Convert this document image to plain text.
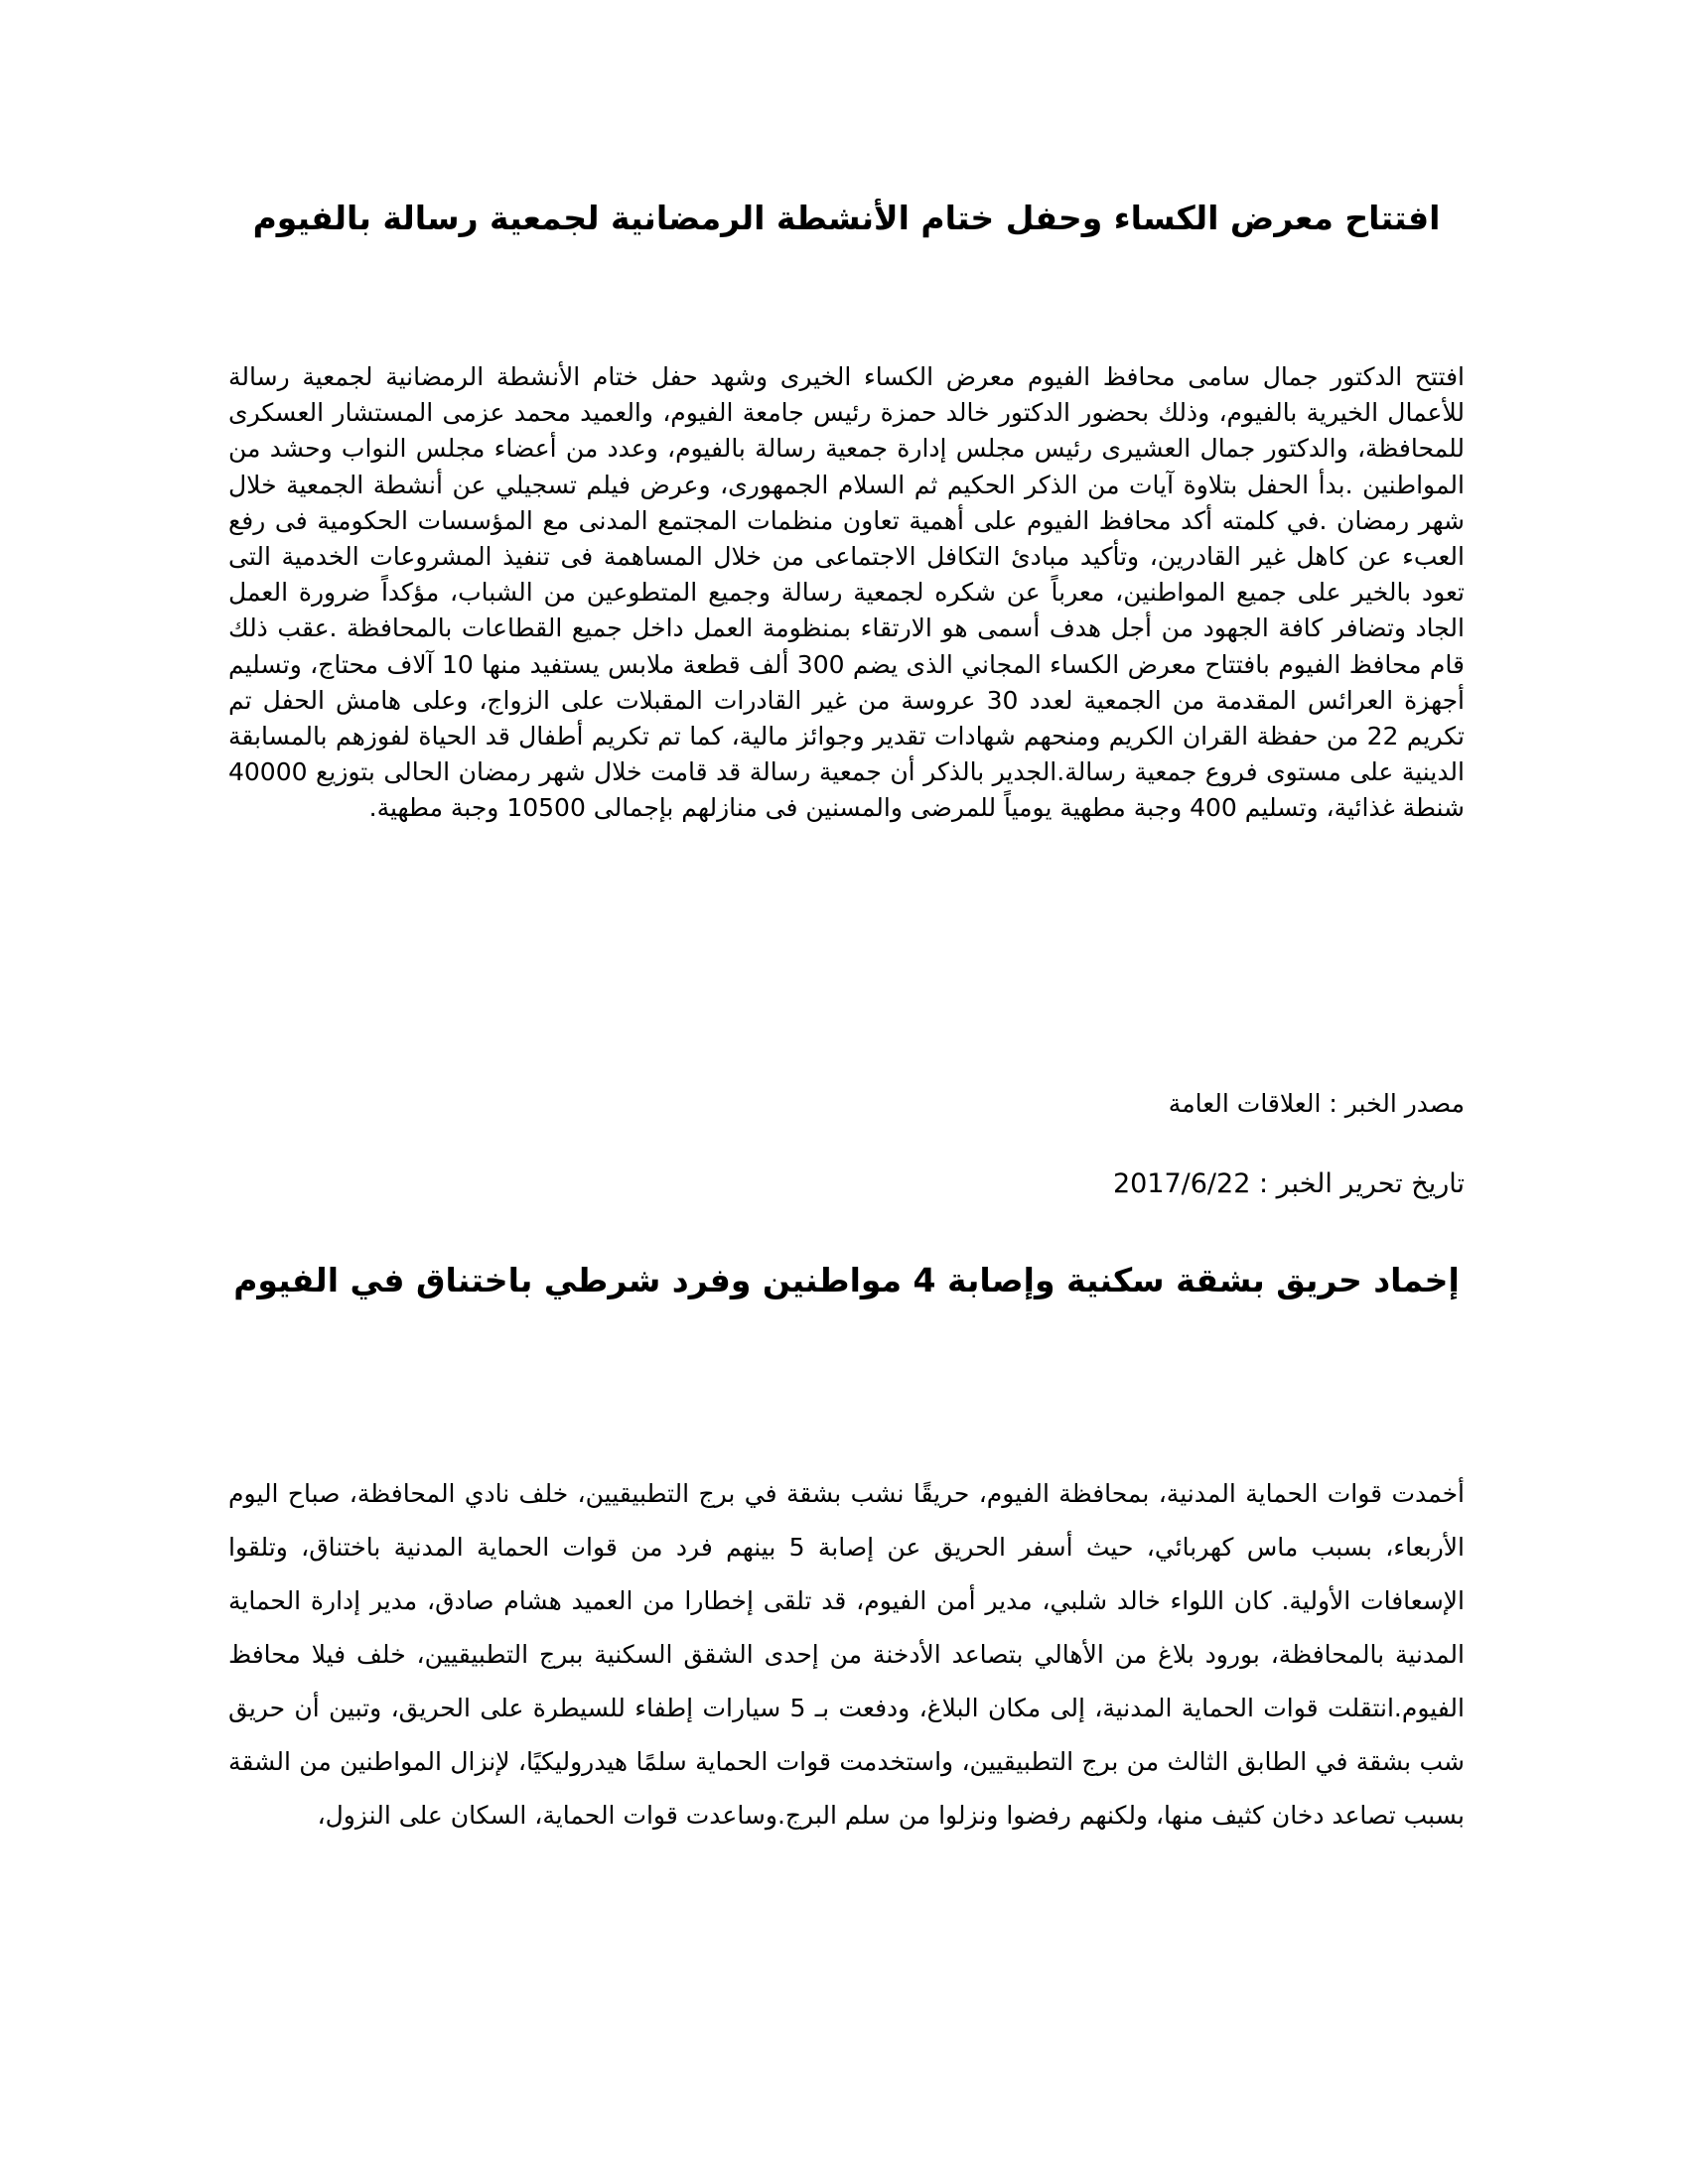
افتتاح معرض الكساء وحفل ختام الأنشطة الرمضانية لجمعية رسالة بالفيوم

افتتح الدكتور جمال سامى محافظ الفيوم معرض الكساء الخيرى وشهد حفل ختام الأنشطة الرمضانية لجمعية رسالة للأعمال الخيرية بالفيوم، وذلك بحضور الدكتور خالد حمزة رئيس جامعة الفيوم، والعميد محمد عزمى المستشار العسكرى للمحافظة، والدكتور جمال العشيرى رئيس مجلس إدارة جمعية رسالة بالفيوم، وعدد من أعضاء مجلس النواب وحشد من المواطنين .بدأ الحفل بتلاوة آيات من الذكر الحكيم ثم السلام الجمهورى، وعرض فيلم تسجيلي عن أنشطة الجمعية خلال شهر رمضان .في كلمته أكد محافظ الفيوم على أهمية تعاون منظمات المجتمع المدنى مع المؤسسات الحكومية فى رفع العبء عن كاهل غير القادرين، وتأكيد مبادئ التكافل الاجتماعى من خلال المساهمة فى تنفيذ المشروعات الخدمية التى تعود بالخير على جميع المواطنين، معرباً عن شكره لجمعية رسالة وجميع المتطوعين من الشباب، مؤكداً ضرورة العمل الجاد وتضافر كافة الجهود من أجل هدف أسمى هو الارتقاء بمنظومة العمل داخل جميع القطاعات بالمحافظة .عقب ذلك قام محافظ الفيوم بافتتاح معرض الكساء المجاني الذى يضم 300 ألف قطعة ملابس يستفيد منها 10 آلاف محتاج، وتسليم أجهزة العرائس المقدمة من الجمعية لعدد 30 عروسة من غير القادرات المقبلات على الزواج، وعلى هامش الحفل تم تكريم 22 من حفظة القران الكريم ومنحهم شهادات تقدير وجوائز مالية، كما تم تكريم أطفال قد الحياة لفوزهم بالمسابقة الدينية على مستوى فروع جمعية رسالة.الجدير بالذكر أن جمعية رسالة قد قامت خلال شهر رمضان الحالى بتوزيع 40000 شنطة غذائية، وتسليم 400 وجبة مطهية يومياً للمرضى والمسنين فى منازلهم بإجمالى 10500 وجبة مطهية.

مصدر الخبر : العلاقات العامة

تاريخ تحرير الخبر : 2017/6/22

إخماد حريق بشقة سكنية وإصابة 4 مواطنين وفرد شرطي باختناق في الفيوم

أخمدت قوات الحماية المدنية، بمحافظة الفيوم، حريقًا نشب بشقة في برج التطبيقيين، خلف نادي المحافظة، صباح اليوم الأربعاء، بسبب ماس كهربائي، حيث أسفر الحريق عن إصابة 5 بينهم فرد من قوات الحماية المدنية باختناق، وتلقوا الإسعافات الأولية. كان اللواء خالد شلبي، مدير أمن الفيوم، قد تلقى إخطارا من العميد هشام صادق، مدير إدارة الحماية المدنية بالمحافظة، بورود بلاغ من الأهالي بتصاعد الأدخنة من إحدى الشقق السكنية ببرج التطبيقيين، خلف فيلا محافظ الفيوم.انتقلت قوات الحماية المدنية، إلى مكان البلاغ، ودفعت بـ 5 سيارات إطفاء للسيطرة على الحريق، وتبين أن حريق شب بشقة في الطابق الثالث من برج التطبيقيين، واستخدمت قوات الحماية سلمًا هيدروليكيًا، لإنزال المواطنين من الشقة بسبب تصاعد دخان كثيف منها، ولكنهم رفضوا ونزلوا من سلم البرج.وساعدت قوات الحماية، السكان على النزول،
